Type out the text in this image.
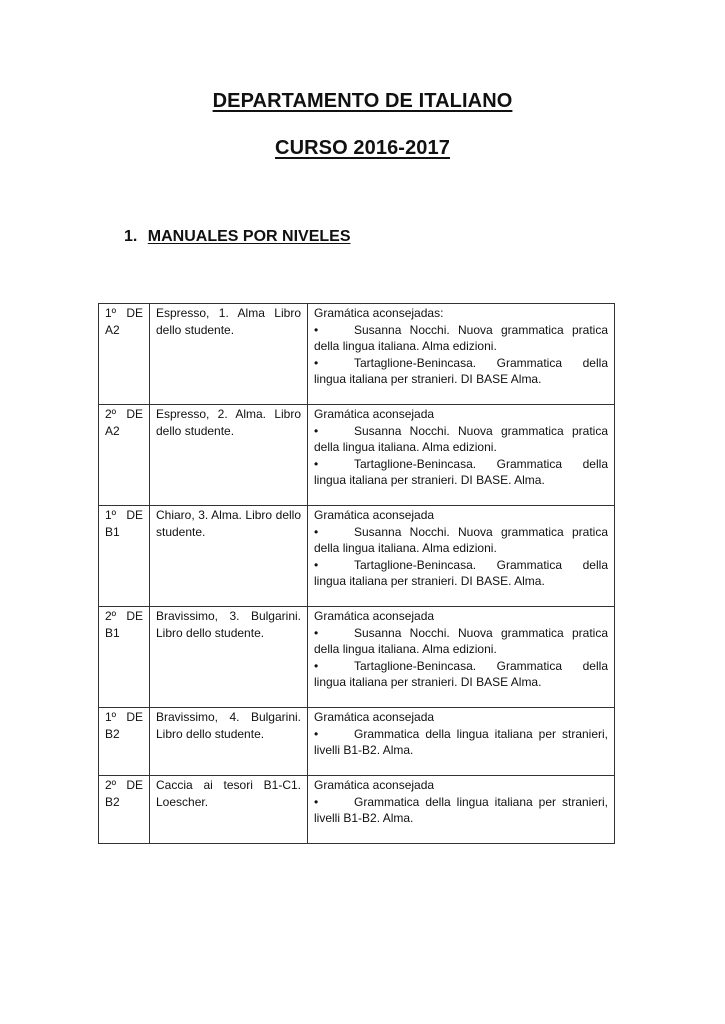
DEPARTAMENTO DE ITALIANO
CURSO 2016-2017
1. MANUALES POR NIVELES
1º DE A2	Espresso, 1. Alma Libro dello studente.	Gramática aconsejadas:
• Susanna Nocchi. Nuova grammatica pratica della lingua italiana. Alma edizioni.
• Tartaglione-Benincasa. Grammatica della lingua italiana per stranieri. DI BASE Alma.

2º DE A2	Espresso, 2. Alma. Libro dello studente.	Gramática aconsejada
• Susanna Nocchi. Nuova grammatica pratica della lingua italiana. Alma edizioni.
• Tartaglione-Benincasa. Grammatica della lingua italiana per stranieri. DI BASE. Alma.

1º DE B1	Chiaro, 3. Alma. Libro dello studente.	Gramática aconsejada
• Susanna Nocchi. Nuova grammatica pratica della lingua italiana. Alma edizioni.
• Tartaglione-Benincasa. Grammatica della lingua italiana per stranieri. DI BASE. Alma.

2º DE B1	Bravissimo, 3. Bulgarini. Libro dello studente.	Gramática aconsejada
• Susanna Nocchi. Nuova grammatica pratica della lingua italiana. Alma edizioni.
• Tartaglione-Benincasa. Grammatica della lingua italiana per stranieri. DI BASE Alma.

1º DE B2	Bravissimo, 4. Bulgarini. Libro dello studente.	Gramática aconsejada
• Grammatica della lingua italiana per stranieri, livelli B1-B2. Alma.

2º DE B2	Caccia ai tesori B1-C1. Loescher.	Gramática aconsejada
• Grammatica della lingua italiana per stranieri, livelli B1-B2. Alma.
